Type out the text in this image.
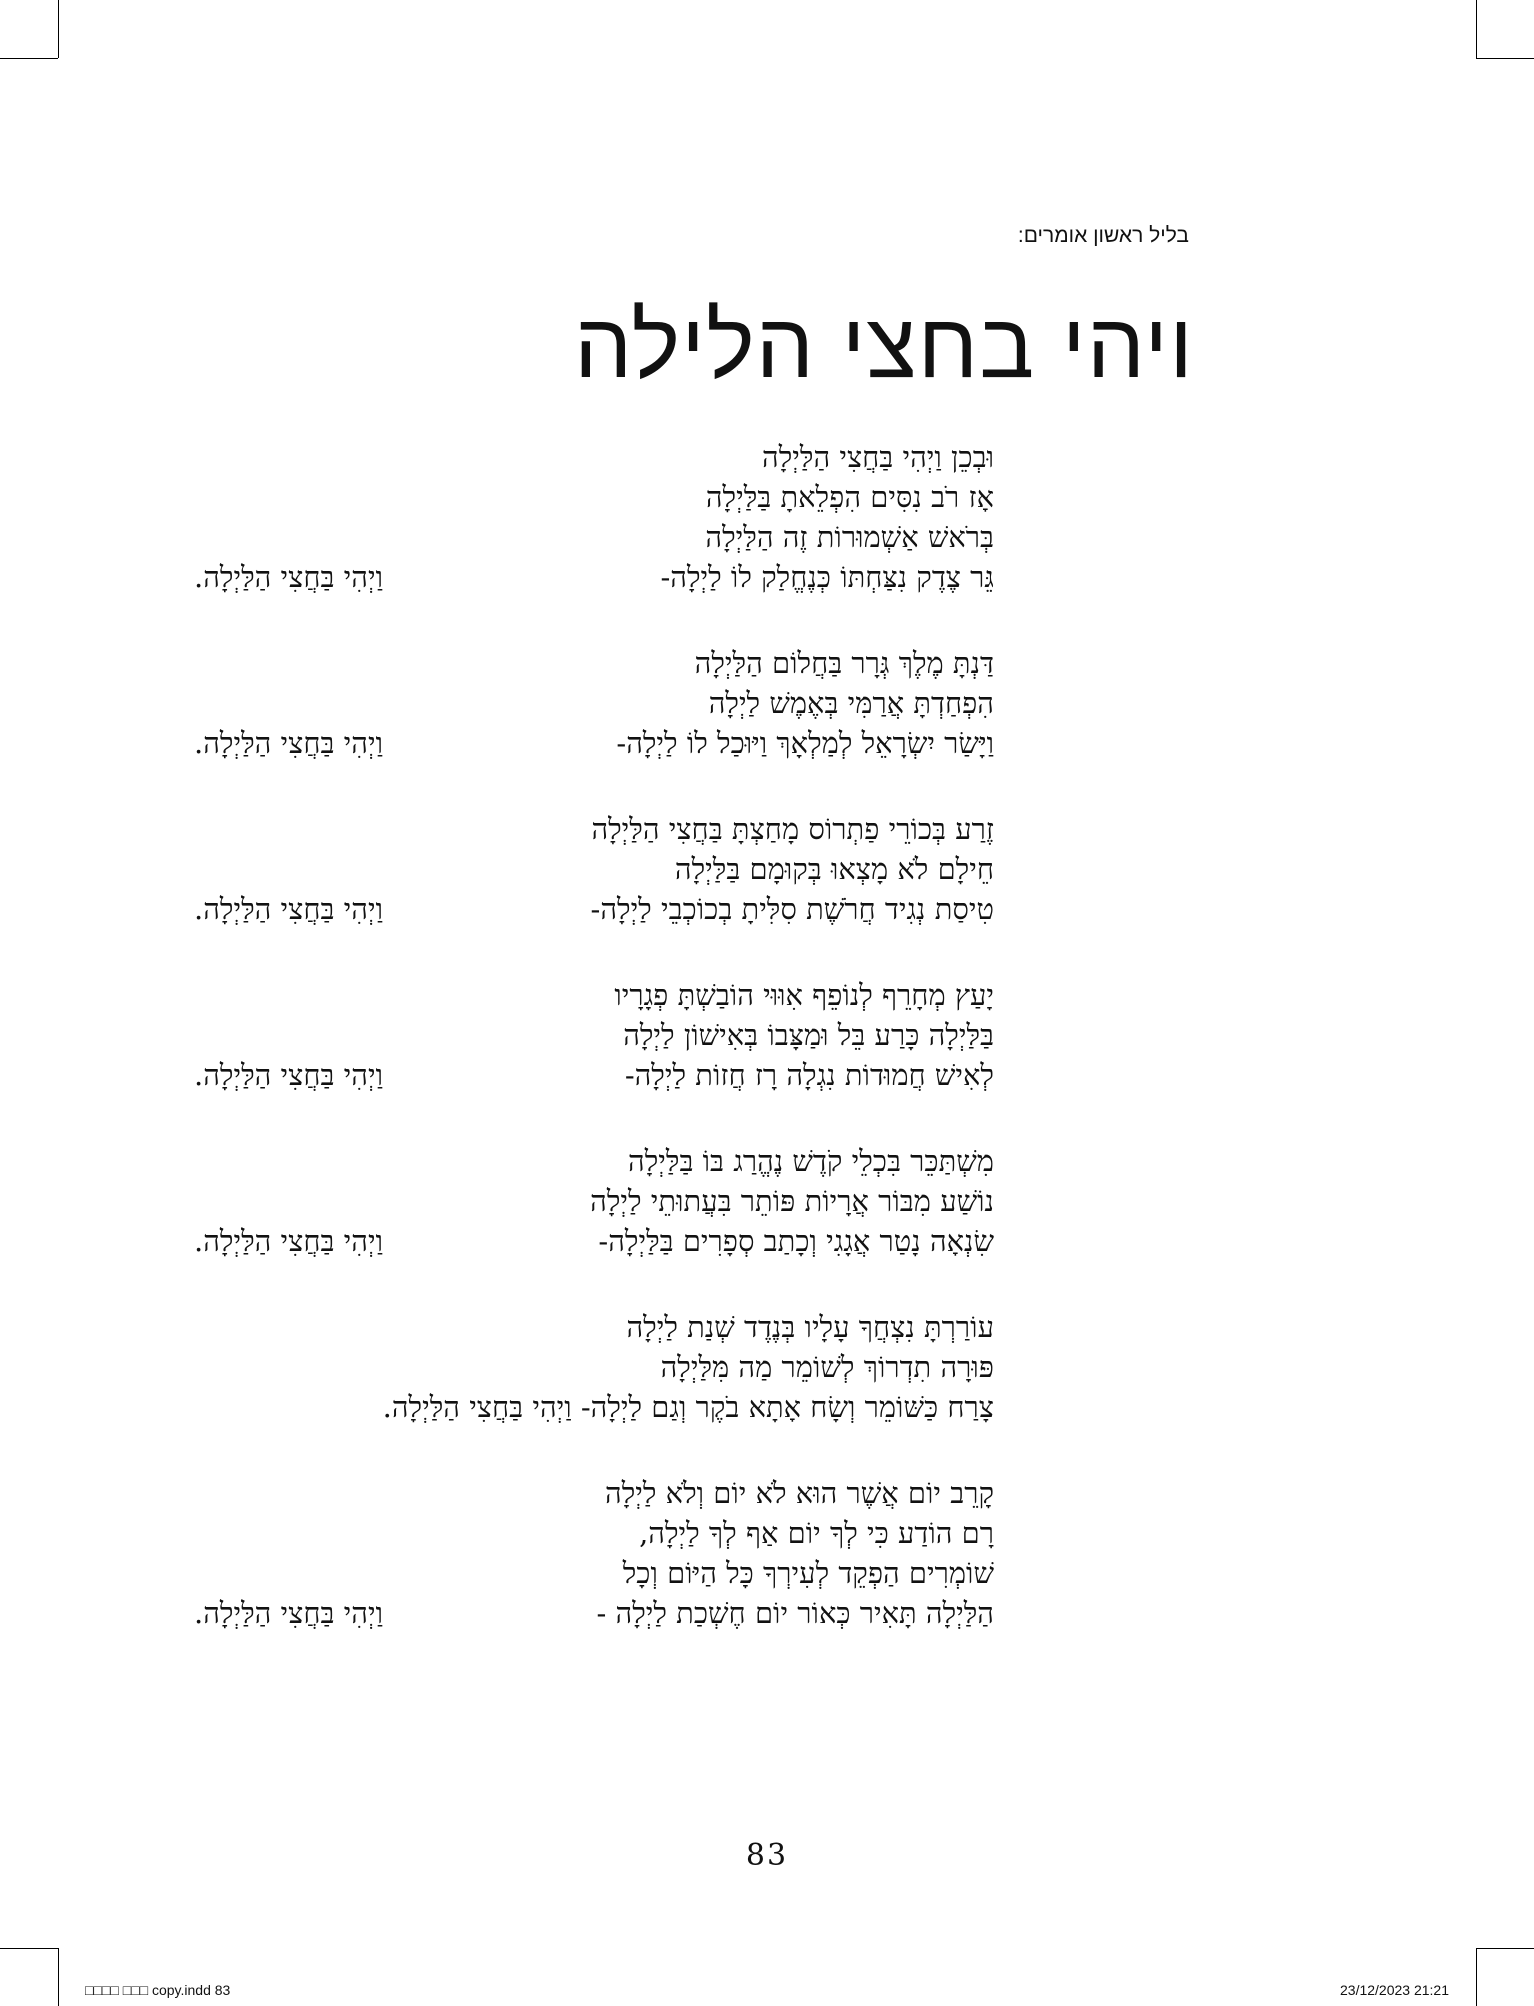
בליל ראשון אומרים:
ויהי בחצי הלילה
וּבְכֵן וַיְהִי בַּחֲצִי הַלַּיְלָה
אָז רֹב נִסִּים הִפְלֵאתָ בַּלַּיְלָה
בְּרֹאשׁ אַשְׁמוּרוֹת זֶה הַלַּיְלָה
גֵּר צֶדֶק נִצַּחְתּוֹ כְּנֶחֱלַק לוֹ לַיְלָה-
וַיְהִי בַּחֲצִי הַלַּיְלָה.
דַּנְתָּ מֶלֶךְ גְּרָר בַּחֲלוֹם הַלַּיְלָה
הִפְחַדְתָּ אֲרַמִּי בְּאֶמֶשׁ לַיְלָה
וַיָּשַׂר יִשְׂרָאֵל לְמַלְאָךְ וַיּוּכַל לוֹ לַיְלָה-
וַיְהִי בַּחֲצִי הַלַּיְלָה.
זֶרַע בְּכוֹרֵי פַתְרוֹס מָחַצְתָּ בַּחֲצִי הַלַּיְלָה
חֵילָם לֹא מָצְאוּ בְּקוּמָם בַּלַּיְלָה
טִיסַת נְגִיד חֲרֹשֶׁת סִלִּיתָ בְכוֹכְבֵי לַיְלָה-
וַיְהִי בַּחֲצִי הַלַּיְלָה.
יָעַץ מְחָרֵף לְנוֹפֵף אִוּוּי הוֹבַשְׁתָּ פְגָרָיו
בַּלַּיְלָה כָּרַע בֵּל וּמַצָּבוֹ בְּאִישׁוֹן לַיְלָה
לְאִישׁ חֲמוּדוֹת נִגְלָה רָז חֲזוֹת לַיְלָה-
וַיְהִי בַּחֲצִי הַלַּיְלָה.
מִשְׁתַּכֵּר בִּכְלֵי קֹדֶשׁ נֶהֱרַג בּוֹ בַּלַּיְלָה
נוֹשַׁע מִבּוֹר אֲרָיוֹת פּוֹתֵר בִּעֲתוּתֵי לַיְלָה
שִׂנְאָה נָטַר אֲגָגִי וְכָתַב סְפָרִים בַּלַּיְלָה-
וַיְהִי בַּחֲצִי הַלַּיְלָה.
עוֹרַרְתָּ נִצְחֲךָ עָלָיו בְּנֶדֶד שְׁנַת לַיְלָה
פּוּרָה תִדְרוֹךְ לְשׁוֹמֵר מַה מִּלַּיְלָה
צָרַח כַּשּׁוֹמֵר וְשָׂח אָתָא בֹקֶר וְגַם לַיְלָה- וַיְהִי בַּחֲצִי הַלַּיְלָה.
קָרֵב יוֹם אֲשֶׁר הוּא לֹא יוֹם וְלֹא לַיְלָה
רָם הוֹדַע כִּי לְךָ יוֹם אַף לְךָ לַיְלָה,
שׁוֹמְרִים הַפְקֵד לְעִירְךָ כָּל הַיּוֹם וְכָל
הַלַּיְלָה תָּאִיר כְּאוֹר יוֹם חֶשְׁכַת לַיְלָה -
וַיְהִי בַּחֲצִי הַלַּיְלָה.
83
□□□□ □□□ copy.indd 83	23/12/2023 21:21
